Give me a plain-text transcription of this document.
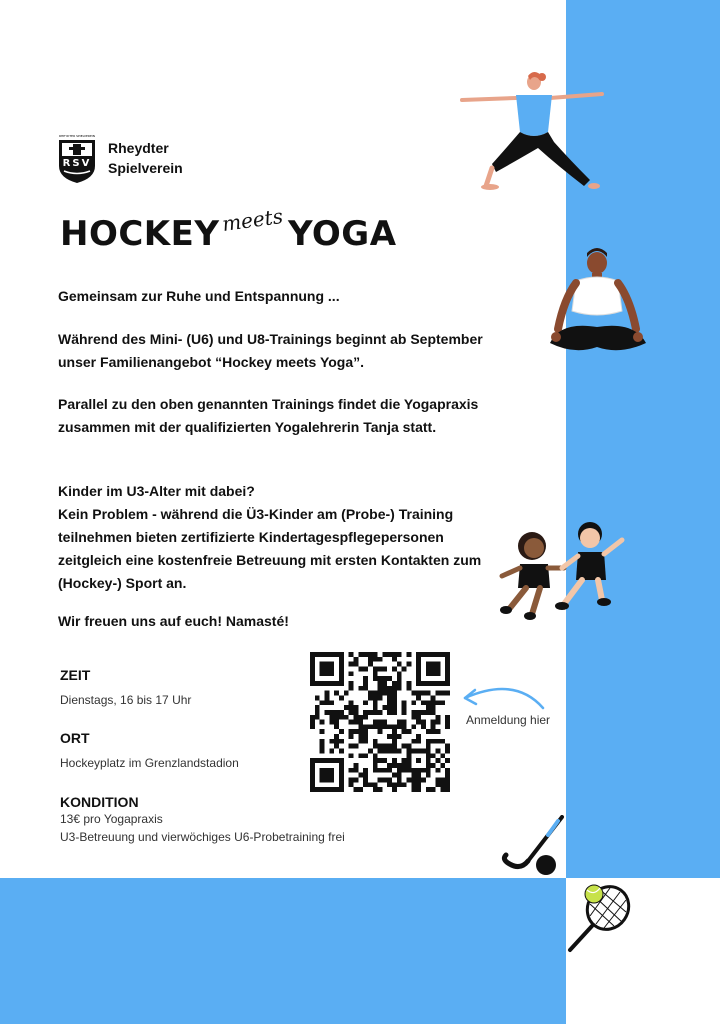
RHEYDTER SPIELVEREIN
RSV
Rheydter
Spielverein
HOCKEY meets YOGA
Gemeinsam zur Ruhe und Entspannung ...
Während des Mini- (U6) und U8-Trainings beginnt ab September unser Familienangebot “Hockey meets Yoga”.
Parallel zu den oben genannten Trainings findet die Yogapraxis zusammen mit der qualifizierten Yogalehrerin Tanja statt.
Kinder im U3-Alter mit dabei?
Kein Problem - während die Ü3-Kinder am (Probe-) Training teilnehmen bieten zertifizierte Kindertagespflegepersonen zeitgleich eine kostenfreie Betreuung mit ersten Kontakten zum (Hockey-) Sport an.
Wir freuen uns auf euch! Namasté!
ZEIT
Dienstags, 16 bis 17 Uhr
ORT
Hockeyplatz im Grenzlandstadion
KONDITION
13€ pro Yogapraxis
U3-Betreuung und vierwöchiges U6-Probetraining frei
Anmeldung hier
